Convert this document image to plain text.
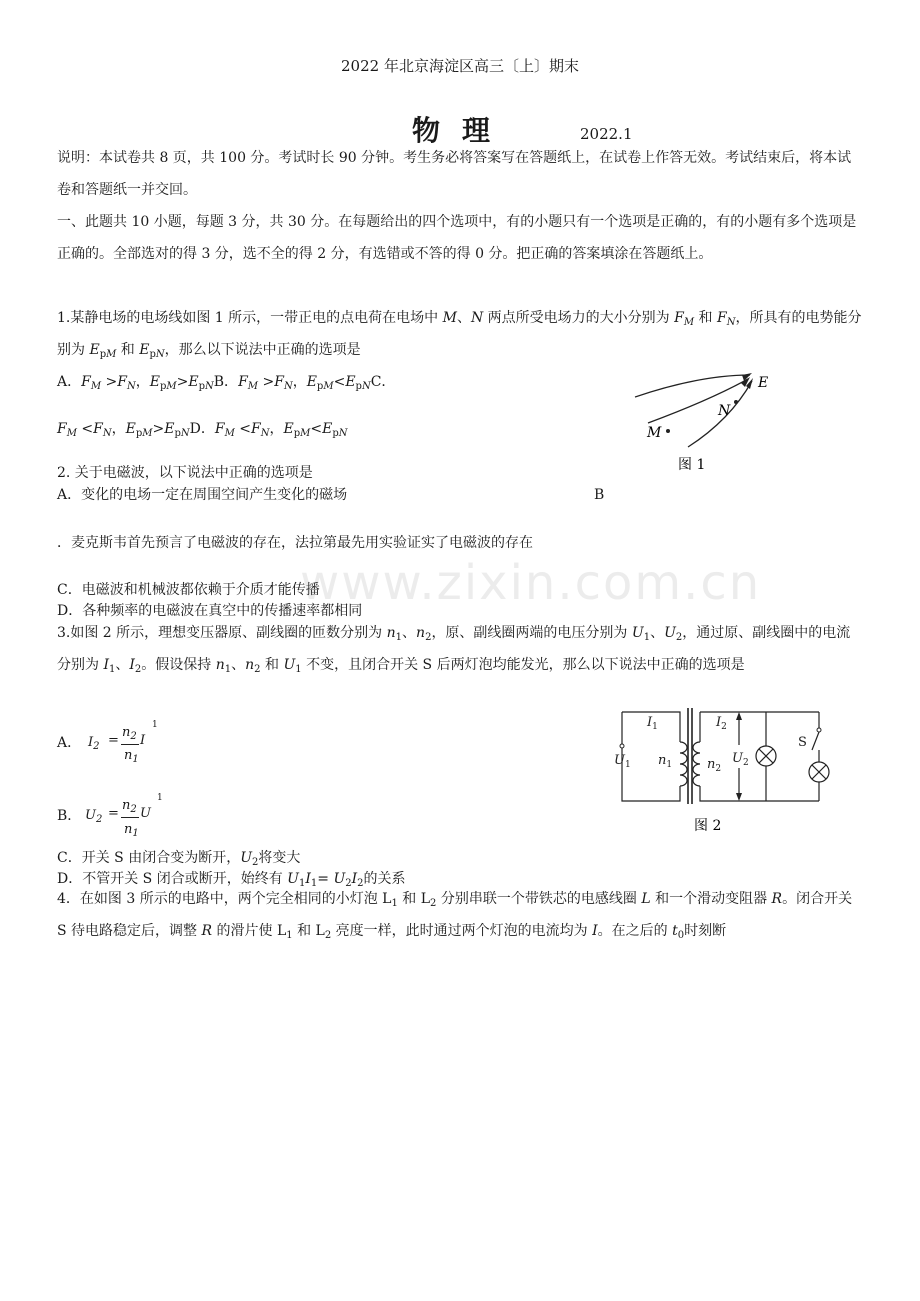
2022 年北京海淀区高三〔上〕期末
物理	2022.1
说明：本试卷共 8 页，共 100 分。考试时长 90 分钟。考生务必将答案写在答题纸上，在试卷上作答无效。考试结束后，将本试卷和答题纸一并交回。
一、此题共 10 小题，每题 3 分，共 30 分。在每题给出的四个选项中，有的小题只有一个选项是正确的，有的小题有多个选项是正确的。全部选对的得 3 分，选不全的得 2 分，有选错或不答的得 0 分。把正确的答案填涂在答题纸上。
1.某静电场的电场线如图 1 所示，一带正电的点电荷在电场中 M、N 两点所受电场力的大小分别为 $F_M$ 和 $F_N$，所具有的电势能分别为 $E_{pM}$ 和 $E_{pN}$，那么以下说法中正确的选项是
A．$F_M >F_N$，$E_{pM}>E_{pN}B$．$F_M >F_N$，$E_{pM}<E_{pN}C$．
$F_M <F_N$，$E_{pM}>E_{pN}D$．$F_M <F_N$，$E_{pM}<E_{pN}$
E
N
M
图 1
2. 关于电磁波，以下说法中正确的选项是
A．变化的电场一定在周围空间产生变化的磁场	B
．麦克斯韦首先预言了电磁波的存在，法拉第最先用实验证实了电磁波的存在
C．电磁波和机械波都依赖于介质才能传播
D．各种频率的电磁波在真空中的传播速率都相同
3.如图 2 所示，理想变压器原、副线圈的匝数分别为 $n_1$、$n_2$，原、副线圈两端的电压分别为 $U_1$、$U_2$，通过原、副线圈中的电流分别为 $I_1$、$I_2$。假设保持 $n_1$、$n_2$ 和 $U_1$ 不变，且闭合开关 S 后两灯泡均能发光，那么以下说法中正确的选项是
A． $I_2$ =
$n_2$
$n_1$
I
1
B． $U_2$ =
$n_2$
$n_1$
U
1
C．开关 S 由闭合变为断开，$U_2$将变大
D．不管开关 S 闭合或断开，始终有 $U_1I_1= U_2I_2$的关系
$I_1$	$I_2$
$U_1$ $n_1$	$n_2$
$U_2$
S
图 2
4．在如图 3 所示的电路中，两个完全相同的小灯泡 $L_1$ 和 $L_2$ 分别串联一个带铁芯的电感线圈 L 和一个滑动变阻器 R。闭合开关 S 待电路稳定后，调整 R 的滑片使 $L_1$ 和 $L_2$ 亮度一样，此时通过两个灯泡的电流均为 I。在之后的 $t_0$时刻断
www.zixin.com.cn
